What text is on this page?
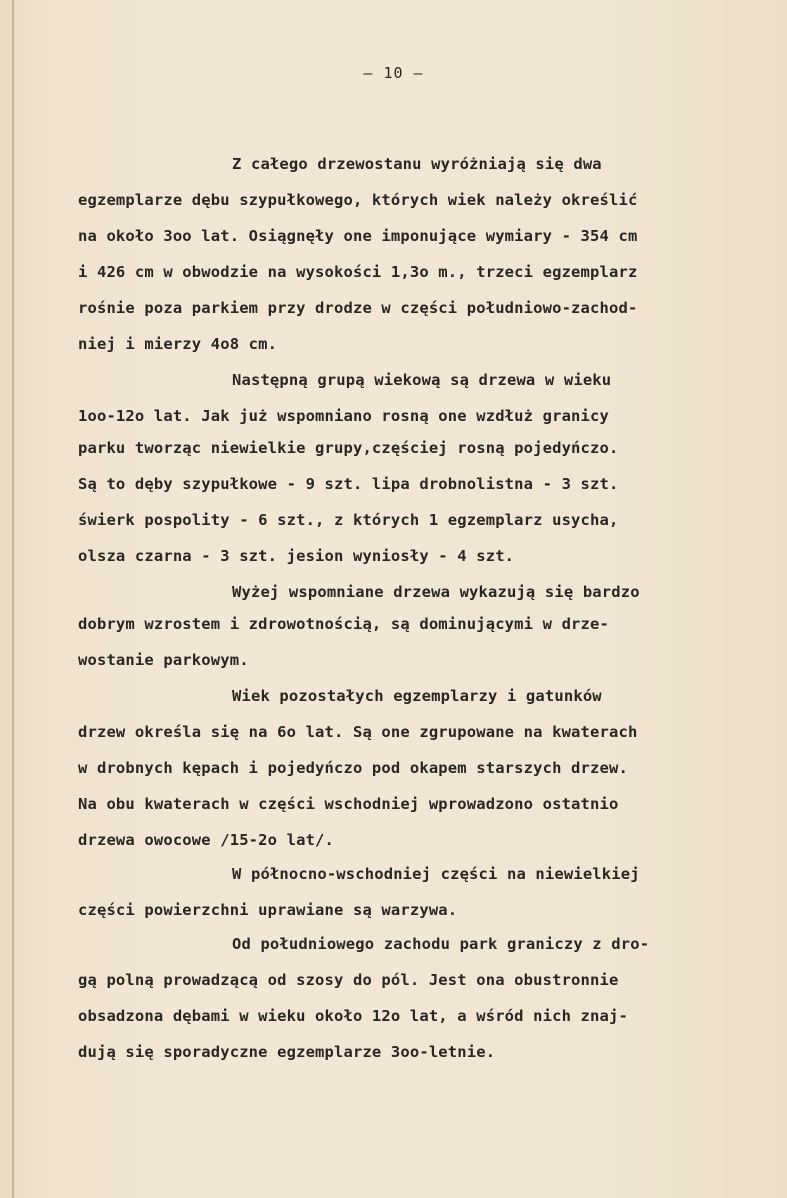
– 10 –
Z całego drzewostanu wyróżniają się dwa
egzemplarze dębu szypułkowego, których wiek należy określić
na około 3oo lat. Osiągnęły one imponujące wymiary - 354 cm
i 426 cm w obwodzie na wysokości 1,3o m., trzeci egzemplarz
rośnie poza parkiem przy drodze w części południowo-zachod-
niej i mierzy 4o8 cm.
Następną grupą wiekową są drzewa w wieku
1oo-12o lat. Jak już wspomniano rosną one wzdłuż granicy
parku tworząc niewielkie grupy,częściej rosną pojedyńczo.
Są to dęby szypułkowe - 9 szt. lipa drobnolistna - 3 szt.
świerk pospolity - 6 szt., z których 1 egzemplarz usycha,
olsza czarna - 3 szt. jesion wyniosły - 4 szt.
Wyżej wspomniane drzewa wykazują się bardzo
dobrym wzrostem i zdrowotnością, są dominującymi w drze-
wostanie parkowym.
Wiek pozostałych egzemplarzy i gatunków
drzew określa się na 6o lat. Są one zgrupowane na kwaterach
w drobnych kępach i pojedyńczo pod okapem starszych drzew.
Na obu kwaterach w części wschodniej wprowadzono ostatnio
drzewa owocowe /15-2o lat/.
W północno-wschodniej części na niewielkiej
części powierzchni uprawiane są warzywa.
Od południowego zachodu park graniczy z dro-
gą polną prowadzącą od szosy do pól. Jest ona obustronnie
obsadzona dębami w wieku około 12o lat, a wśród nich znaj-
dują się sporadyczne egzemplarze 3oo-letnie.
